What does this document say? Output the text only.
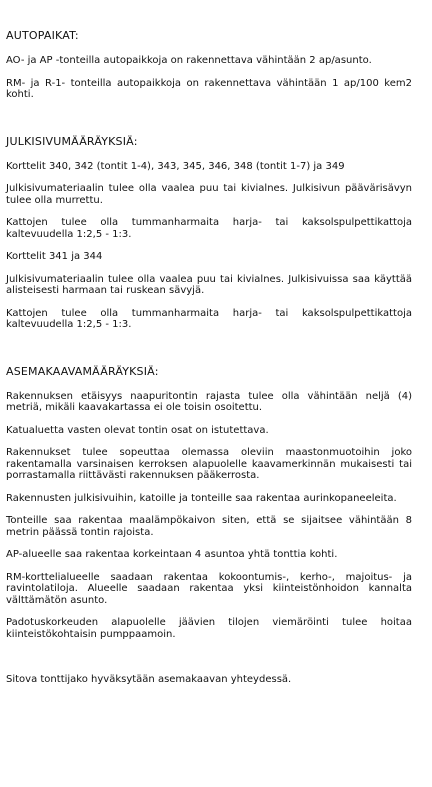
AUTOPAIKAT:

AO- ja AP -tonteilla autopaikkoja on rakennettava vähintään 2 ap/asunto.

RM- ja R-1- tonteilla autopaikkoja on rakennettava vähintään 1 ap/100 kem2 kohti.

JULKISIVUMÄÄRÄYKSIÄ:

Korttelit 340, 342 (tontit 1-4), 343, 345, 346, 348 (tontit 1-7) ja 349

Julkisivumateriaalin tulee olla vaalea puu tai kivialnes. Julkisivun päävärisävyn tulee olla murrettu.

Kattojen tulee olla tummanharmaita harja- tai kaksolspulpettikattoja kaltevuudella 1:2,5 - 1:3.

Korttelit 341 ja 344

Julkisivumateriaalin tulee olla vaalea puu tai kivialnes. Julkisivuissa saa käyttää alisteisesti harmaan tai ruskean sävyjä.

Kattojen tulee olla tummanharmaita harja- tai kaksolspulpettikattoja kaltevuudella 1:2,5 - 1:3.

ASEMAKAAVAMÄÄRÄYKSIÄ:

Rakennuksen etäisyys naapuritontin rajasta tulee olla vähintään neljä (4) metriä, mikäli kaavakartassa ei ole toisin osoitettu.

Katualuetta vasten olevat tontin osat on istutettava.

Rakennukset tulee sopeuttaa olemassa oleviin maastonmuotoihin joko rakentamalla varsinaisen kerroksen alapuolelle kaavamerkinnän mukaisesti tai porrastamalla riittävästi rakennuksen pääkerrosta.

Rakennusten julkisivuihin, katoille ja tonteille saa rakentaa aurinkopaneeleita.

Tonteille saa rakentaa maalämpökaivon siten, että se sijaitsee vähintään 8 metrin päässä tontin rajoista.

AP-alueelle saa rakentaa korkeintaan 4 asuntoa yhtä tonttia kohti.

RM-korttelialueelle saadaan rakentaa kokoontumis-, kerho-, majoitus- ja ravintolatiloja. Alueelle saadaan rakentaa yksi kiinteistönhoidon kannalta välttämätön asunto.

Padotuskorkeuden alapuolelle jäävien tilojen viemäröinti tulee hoitaa kiinteistökohtaisin pumppaamoin.

Sitova tonttijako hyväksytään asemakaavan yhteydessä.
